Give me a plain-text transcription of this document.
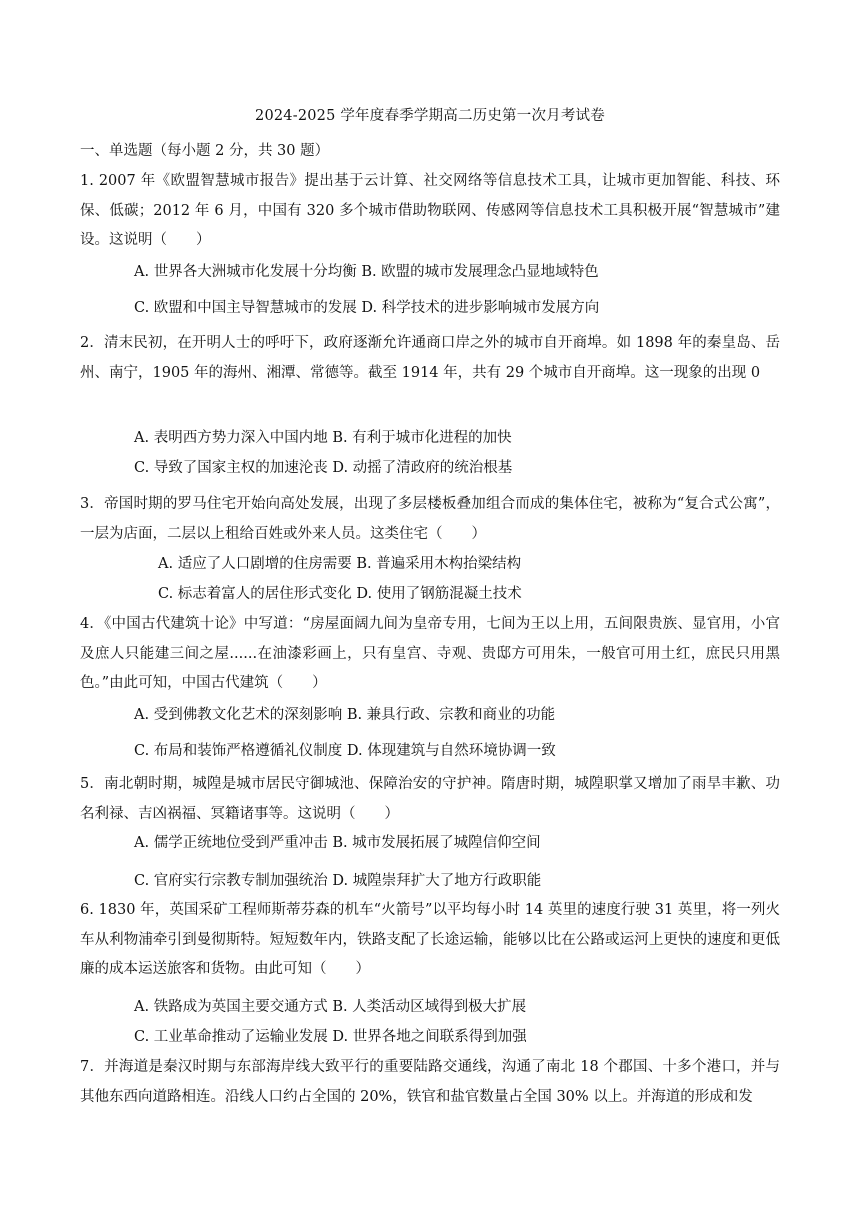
2024-2025 学年度春季学期高二历史第一次月考试卷
一、单选题（每小题 2 分，共 30 题）
1. 2007 年《欧盟智慧城市报告》提出基于云计算、社交网络等信息技术工具，让城市更加智能、科技、环保、低碳；2012 年 6 月，中国有 320 多个城市借助物联网、传感网等信息技术工具积极开展“智慧城市”建设。这说明（　　）
A. 世界各大洲城市化发展十分均衡 B. 欧盟的城市发展理念凸显地域特色
C. 欧盟和中国主导智慧城市的发展 D. 科学技术的进步影响城市发展方向
2．清末民初，在开明人士的呼吁下，政府逐渐允许通商口岸之外的城市自开商埠。如 1898 年的秦皇岛、岳州、南宁，1905 年的海州、湘潭、常德等。截至 1914 年，共有 29 个城市自开商埠。这一现象的出现 0
A. 表明西方势力深入中国内地 B. 有利于城市化进程的加快
C. 导致了国家主权的加速沦丧 D. 动摇了清政府的统治根基
3．帝国时期的罗马住宅开始向高处发展，出现了多层楼板叠加组合而成的集体住宅，被称为“复合式公寓”，一层为店面，二层以上租给百姓或外来人员。这类住宅（　　）
A. 适应了人口剧增的住房需要 B. 普遍采用木构抬梁结构
C. 标志着富人的居住形式变化 D. 使用了钢筋混凝土技术
4．《中国古代建筑十论》中写道：“房屋面阔九间为皇帝专用，七间为王以上用，五间限贵族、显官用，小官及庶人只能建三间之屋......在油漆彩画上，只有皇宫、寺观、贵邸方可用朱，一般官可用土红，庶民只用黑色。”由此可知，中国古代建筑（　　）
A. 受到佛教文化艺术的深刻影响 B. 兼具行政、宗教和商业的功能
C. 布局和装饰严格遵循礼仪制度 D. 体现建筑与自然环境协调一致
5．南北朝时期，城隍是城市居民守御城池、保障治安的守护神。隋唐时期，城隍职掌又增加了雨旱丰歉、功名利禄、吉凶祸福、冥籍诸事等。这说明（　　）
A. 儒学正统地位受到严重冲击 B. 城市发展拓展了城隍信仰空间
C. 官府实行宗教专制加强统治 D. 城隍崇拜扩大了地方行政职能
6. 1830 年，英国采矿工程师斯蒂芬森的机车“火箭号”以平均每小时 14 英里的速度行驶 31 英里，将一列火车从利物浦牵引到曼彻斯特。短短数年内，铁路支配了长途运输，能够以比在公路或运河上更快的速度和更低廉的成本运送旅客和货物。由此可知（　　）
A. 铁路成为英国主要交通方式 B. 人类活动区域得到极大扩展
C. 工业革命推动了运输业发展 D. 世界各地之间联系得到加强
7．并海道是秦汉时期与东部海岸线大致平行的重要陆路交通线，沟通了南北 18 个郡国、十多个港口，并与其他东西向道路相连。沿线人口约占全国的 20%，铁官和盐官数量占全国 30% 以上。并海道的形成和发
